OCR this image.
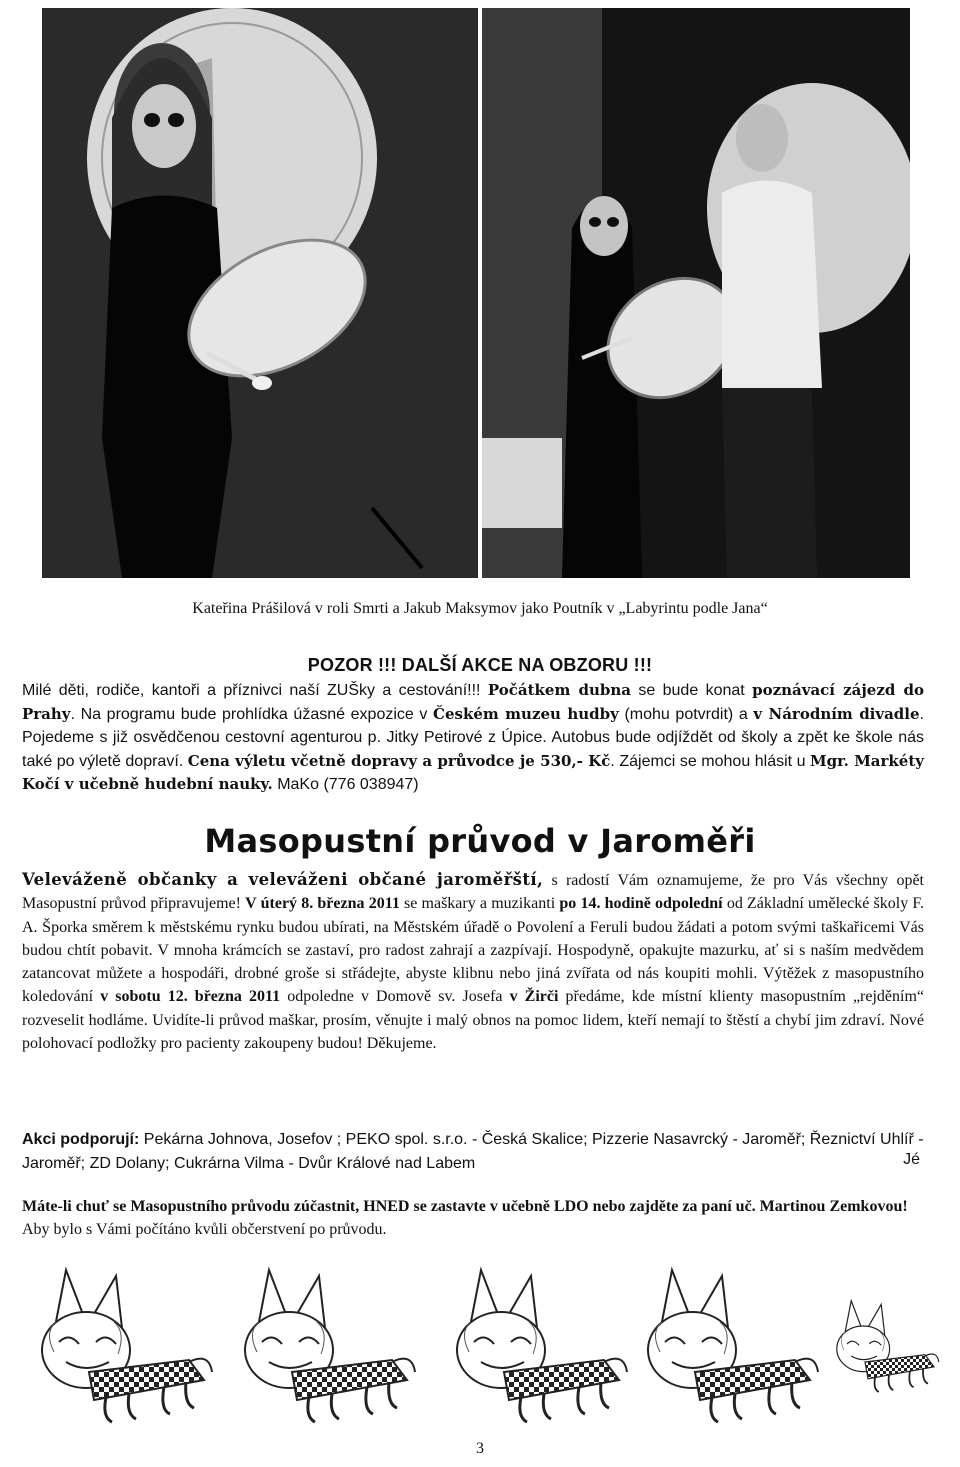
Kateřina Prášilová v roli Smrti a Jakub Maksymov jako Poutník v „Labyrintu podle Jana“
POZOR !!! DALŠÍ AKCE NA OBZORU !!!
Milé děti, rodiče, kantoři a příznivci naší ZUŠky a cestování!!! Počátkem dubna se bude konat poznávací zájezd do Prahy. Na programu bude prohlídka úžasné expozice v Českém muzeu hudby (mohu potvrdit) a v Národním divadle. Pojedeme s již osvědčenou cestovní agenturou p. Jitky Petirové z Úpice. Autobus bude odjíždět od školy a zpět ke škole nás také po výletě dopraví. Cena výletu včetně dopravy a průvodce je 530,- Kč. Zájemci se mohou hlásit u Mgr. Markéty Kočí v učebně hudební nauky. MaKo (776 038947)
Masopustní průvod v Jaroměři
Veleváženě občanky a veleváženi občané jaroměřští, s radostí Vám oznamujeme, že pro Vás všechny opět Masopustní průvod připravujeme! V úterý 8. března 2011 se maškary a muzikanti po 14. hodině odpolední od Základní umělecké školy F. A. Šporka směrem k městskému rynku budou ubírati, na Městském úřadě o Povolení a Feruli budou žádati a potom svými taškařicemi Vás budou chtít pobavit. V mnoha krámcích se zastaví, pro radost zahrají a zazpívají. Hospodyně, opakujte mazurku, ať si s naším medvědem zatancovat můžete a hospodáři, drobné groše si střádejte, abyste klibnu nebo jiná zvířata od nás koupiti mohli. Výtěžek z masopustního koledování v sobotu 12. března 2011 odpoledne v Domově sv. Josefa v Žirči předáme, kde místní klienty masopustním „rejděním“ rozveselit hodláme. Uvidíte-li průvod maškar, prosím, věnujte i malý obnos na pomoc lidem, kteří nemají to štěstí a chybí jim zdraví. Nové polohovací podložky pro pacienty zakoupeny budou! Děkujeme.
Akci podporují: Pekárna Johnova, Josefov ; PEKO spol. s.r.o. - Česká Skalice; Pizzerie Nasavrcký - Jaroměř; Řeznictví Uhlíř - Jaroměř; ZD Dolany; Cukrárna Vilma - Dvůr Králové nad Labem	Jé
Máte-li chuť se Masopustního průvodu zúčastnit, HNED se zastavte v učebně LDO nebo zajděte za paní uč. Martinou Zemkovou! Aby bylo s Vámi počítáno kvůli občerstvení po průvodu.
3
